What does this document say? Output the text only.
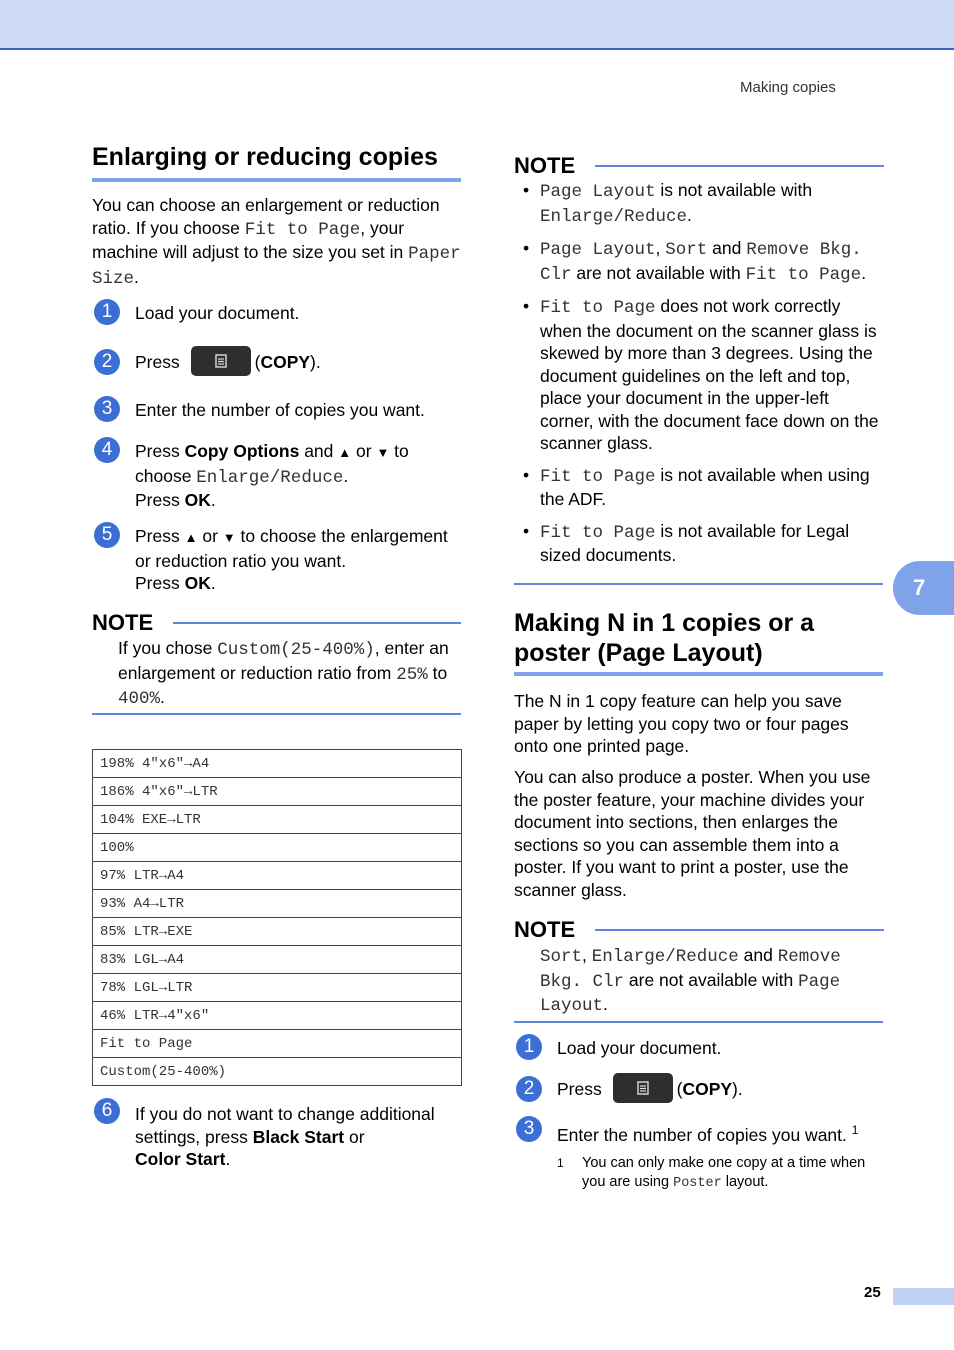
Making copies
Enlarging or reducing copies

You can choose an enlargement or reduction ratio. If you choose Fit to Page, your machine will adjust to the size you set in Paper Size.

1	Load your document.
2	Press	(COPY).
3	Enter the number of copies you want.
4	Press Copy Options and ▲ or ▼ to
choose Enlarge/Reduce.
Press OK.
5	Press ▲ or ▼ to choose the enlargement or reduction ratio you want.
Press OK.
NOTE

If you chose Custom(25-400%), enter an enlargement or reduction ratio from 25% to 400%.

198% 4"x6"→A4
186% 4"x6"→LTR
104% EXE→LTR
100%
97% LTR→A4
93% A4→LTR
85% LTR→EXE
83% LGL→A4
78% LGL→LTR
46% LTR→4"x6"
Fit to Page
Custom(25-400%)
6	If you do not want to change additional settings, press Black Start or
Color Start.
NOTE
• Page Layout is not available with Enlarge/Reduce.
• Page Layout, Sort and Remove Bkg. Clr are not available with Fit to Page.
• Fit to Page does not work correctly when the document on the scanner glass is skewed by more than 3 degrees. Using the document guidelines on the left and top, place your document in the upper-left corner, with the document face down on the scanner glass.
• Fit to Page is not available when using the ADF.
• Fit to Page is not available for Legal sized documents.
Making N in 1 copies or a poster (Page Layout)

The N in 1 copy feature can help you save paper by letting you copy two or four pages onto one printed page.

You can also produce a poster. When you use the poster feature, your machine divides your document into sections, then enlarges the sections so you can assemble them into a poster. If you want to print a poster, use the scanner glass.

NOTE

Sort, Enlarge/Reduce and Remove Bkg. Clr are not available with Page Layout.

1	Load your document.
2	Press	(COPY).
3	Enter the number of copies you want. $^1$
1 You can only make one copy at a time when you are using Poster layout.
7
25
